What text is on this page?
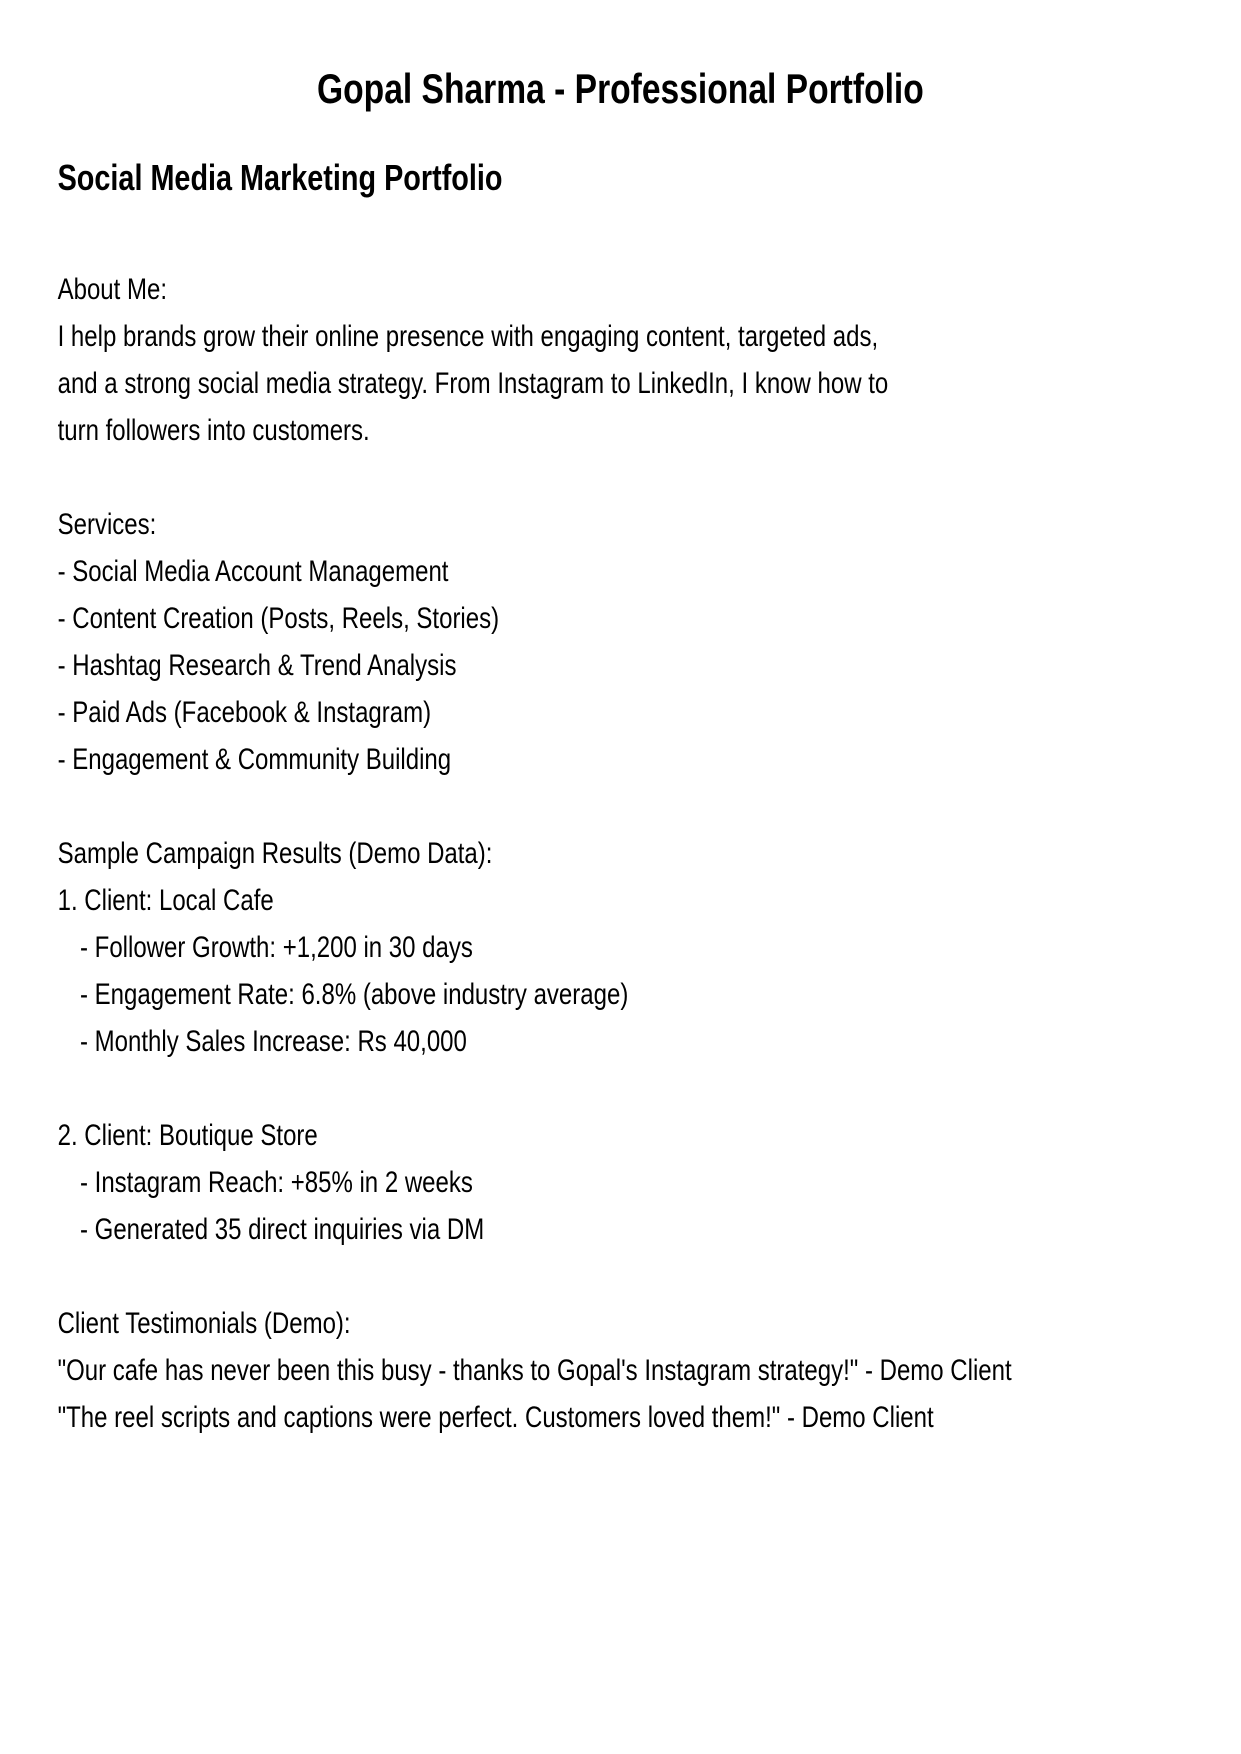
Gopal Sharma - Professional Portfolio
Social Media Marketing Portfolio

About Me:

I help brands grow their online presence with engaging content, targeted ads,

and a strong social media strategy. From Instagram to LinkedIn, I know how to

turn followers into customers.

Services:

- Social Media Account Management

- Content Creation (Posts, Reels, Stories)

- Hashtag Research & Trend Analysis

- Paid Ads (Facebook & Instagram)

- Engagement & Community Building

Sample Campaign Results (Demo Data):

1. Client: Local Cafe

- Follower Growth: +1,200 in 30 days

- Engagement Rate: 6.8% (above industry average)

- Monthly Sales Increase: Rs 40,000

2. Client: Boutique Store

- Instagram Reach: +85% in 2 weeks

- Generated 35 direct inquiries via DM

Client Testimonials (Demo):

"Our cafe has never been this busy - thanks to Gopal's Instagram strategy!" - Demo Client

"The reel scripts and captions were perfect. Customers loved them!" - Demo Client
